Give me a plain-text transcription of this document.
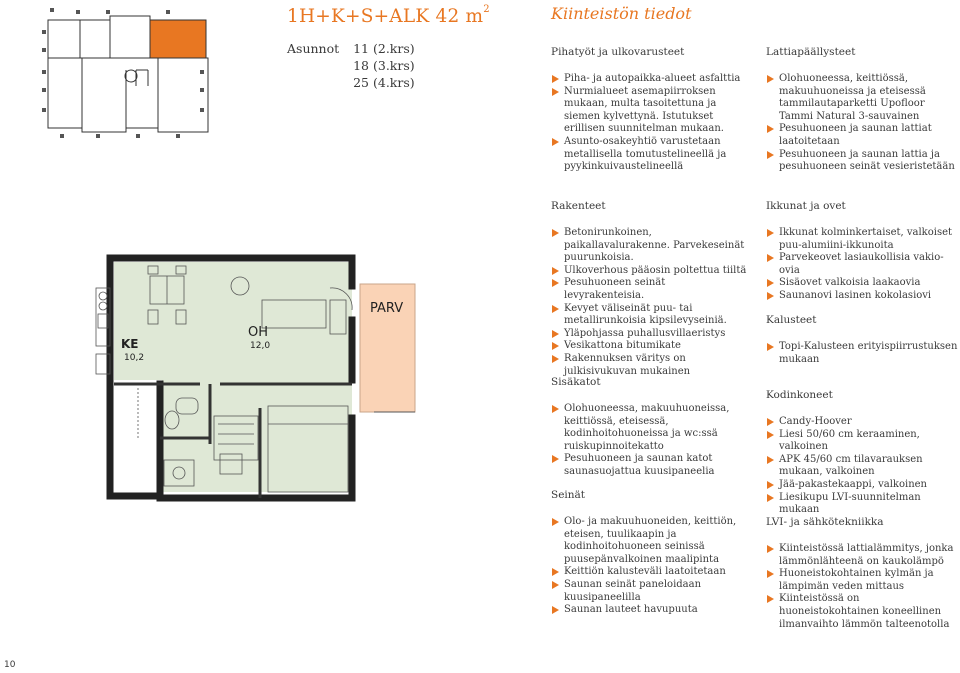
1H+K+S+ALK 42 $m^2$
Asunnot 11 (2.krs)
18 (3.krs)
25 (4.krs)
KE
10,2
OH
12,0
PARV
Kiinteistön tiedot
Pihatyöt ja ulkovarusteet
Piha- ja autopaikka-alueet asfalttia
Nurmialueet asemapiirroksen mukaan, multa tasoitettuna ja siemen kylvettynä. Istutukset erillisen suunnitelman mukaan.
Asunto-osakeyhtiö varustetaan metallisella tomutustelineellä ja pyykinkuivaustelineellä
Rakenteet
Betonirunkoinen, paikallavalurakenne. Parvekeseinät puurunkoisia.
Ulkoverhous pääosin poltettua tiiltä
Pesuhuoneen seinät levyrakenteisia.
Kevyet väliseinät puu- tai metallirunkoisia kipsilevyseiniä.
Yläpohjassa puhallusvillaeristys
Vesikattona bitumikate
Rakennuksen väritys on julkisivukuvan mukainen
Sisäkatot
Olohuoneessa, makuuhuoneissa, keittiössä, eteisessä, kodinhoitohuoneissa ja wc:ssä ruiskupinnoitekatto
Pesuhuoneen ja saunan katot saunasuojattua kuusipaneelia
Seinät
Olo- ja makuuhuoneiden, keittiön, eteisen, tuulikaapin ja kodinhoitohuoneen seinissä puusepänvalkoinen maalipinta
Keittiön kalusteväli laatoitetaan
Saunan seinät paneloidaan kuusipaneelilla
Saunan lauteet havupuuta
Lattiapäällysteet
Olohuoneessa, keittiössä, makuuhuoneissa ja eteisessä tammilautaparketti Upofloor Tammi Natural 3-sauvainen
Pesuhuoneen ja saunan lattiat laatoitetaan
Pesuhuoneen ja saunan lattia ja pesuhuoneen seinät vesieristetään
Ikkunat ja ovet
Ikkunat kolminkertaiset, valkoiset puu-alumiini-ikkunoita
Parvekeovet lasiaukollisia vakio-ovia
Sisäovet valkoisia laakaovia
Saunanovi lasinen kokolasiovi
Kalusteet
Topi-Kalusteen erityispiirrustuksen mukaan
Kodinkoneet
Candy-Hoover
Liesi 50/60 cm keraaminen, valkoinen
APK 45/60 cm tilavarauksen mukaan, valkoinen
Jää-pakastekaappi, valkoinen
Liesikupu LVI-suunnitelman mukaan
LVI- ja sähkötekniikka
Kiinteistössä lattialämmitys, jonka lämmönlähteenä on kaukolämpö
Huoneistokohtainen kylmän ja lämpimän veden mittaus
Kiinteistössä on huoneistokohtainen koneellinen ilmanvaihto lämmön talteenotolla
10
